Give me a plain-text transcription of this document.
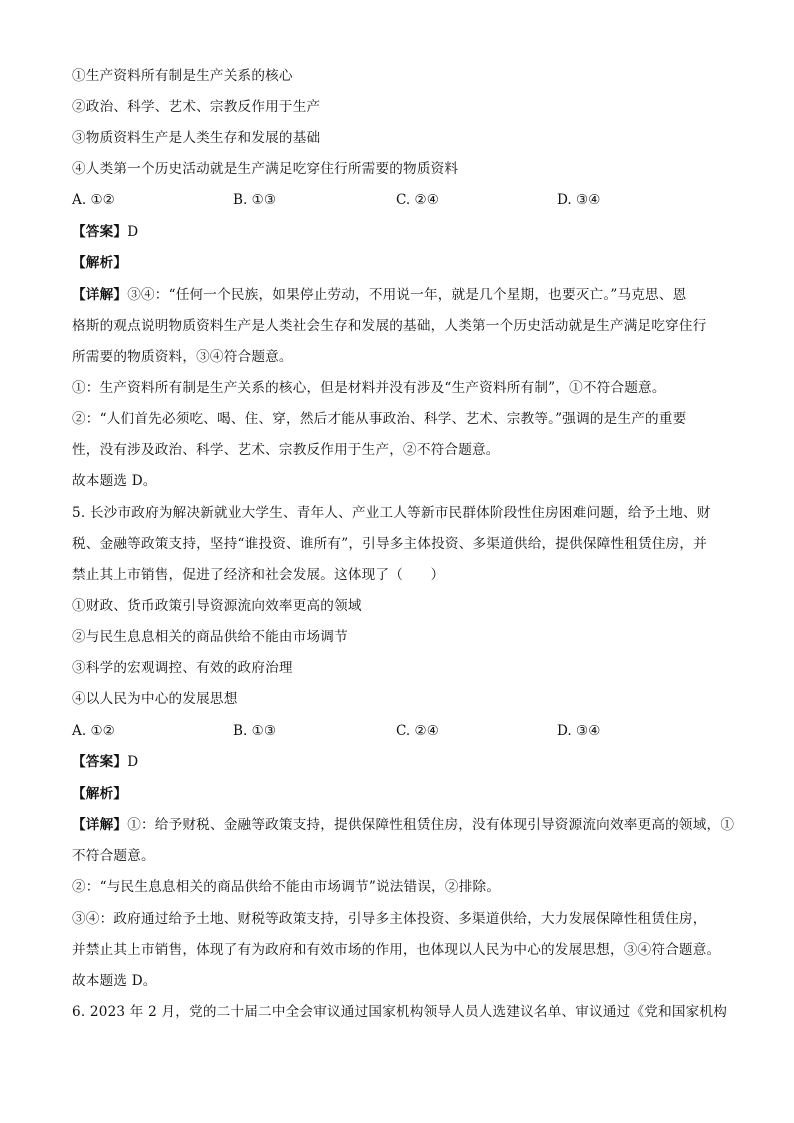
①生产资料所有制是生产关系的核心
②政治、科学、艺术、宗教反作用于生产
③物质资料生产是人类生存和发展的基础
④人类第一个历史活动就是生产满足吃穿住行所需要的物质资料
A. ①②	B. ①③	C. ②④	D. ③④
【答案】D
【解析】
【详解】③④：“任何一个民族，如果停止劳动，不用说一年，就是几个星期，也要灭亡。”马克思、恩
格斯的观点说明物质资料生产是人类社会生存和发展的基础，人类第一个历史活动就是生产满足吃穿住行
所需要的物质资料，③④符合题意。
①：生产资料所有制是生产关系的核心，但是材料并没有涉及“生产资料所有制”，①不符合题意。
②：“人们首先必须吃、喝、住、穿，然后才能从事政治、科学、艺术、宗教等。”强调的是生产的重要
性，没有涉及政治、科学、艺术、宗教反作用于生产，②不符合题意。
故本题选 D。
5. 长沙市政府为解决新就业大学生、青年人、产业工人等新市民群体阶段性住房困难问题，给予土地、财
税、金融等政策支持，坚持“谁投资、谁所有”，引导多主体投资、多渠道供给，提供保障性租赁住房，并
禁止其上市销售，促进了经济和社会发展。这体现了（　　）
①财政、货币政策引导资源流向效率更高的领域
②与民生息息相关的商品供给不能由市场调节
③科学的宏观调控、有效的政府治理
④以人民为中心的发展思想
A. ①②	B. ①③	C. ②④	D. ③④
【答案】D
【解析】
【详解】①：给予财税、金融等政策支持，提供保障性租赁住房，没有体现引导资源流向效率更高的领域，①
不符合题意。
②：“与民生息息相关的商品供给不能由市场调节”说法错误，②排除。
③④：政府通过给予土地、财税等政策支持，引导多主体投资、多渠道供给，大力发展保障性租赁住房，
并禁止其上市销售，体现了有为政府和有效市场的作用，也体现以人民为中心的发展思想，③④符合题意。
故本题选 D。
6. 2023 年 2 月，党的二十届二中全会审议通过国家机构领导人员人选建议名单、审议通过《党和国家机构
